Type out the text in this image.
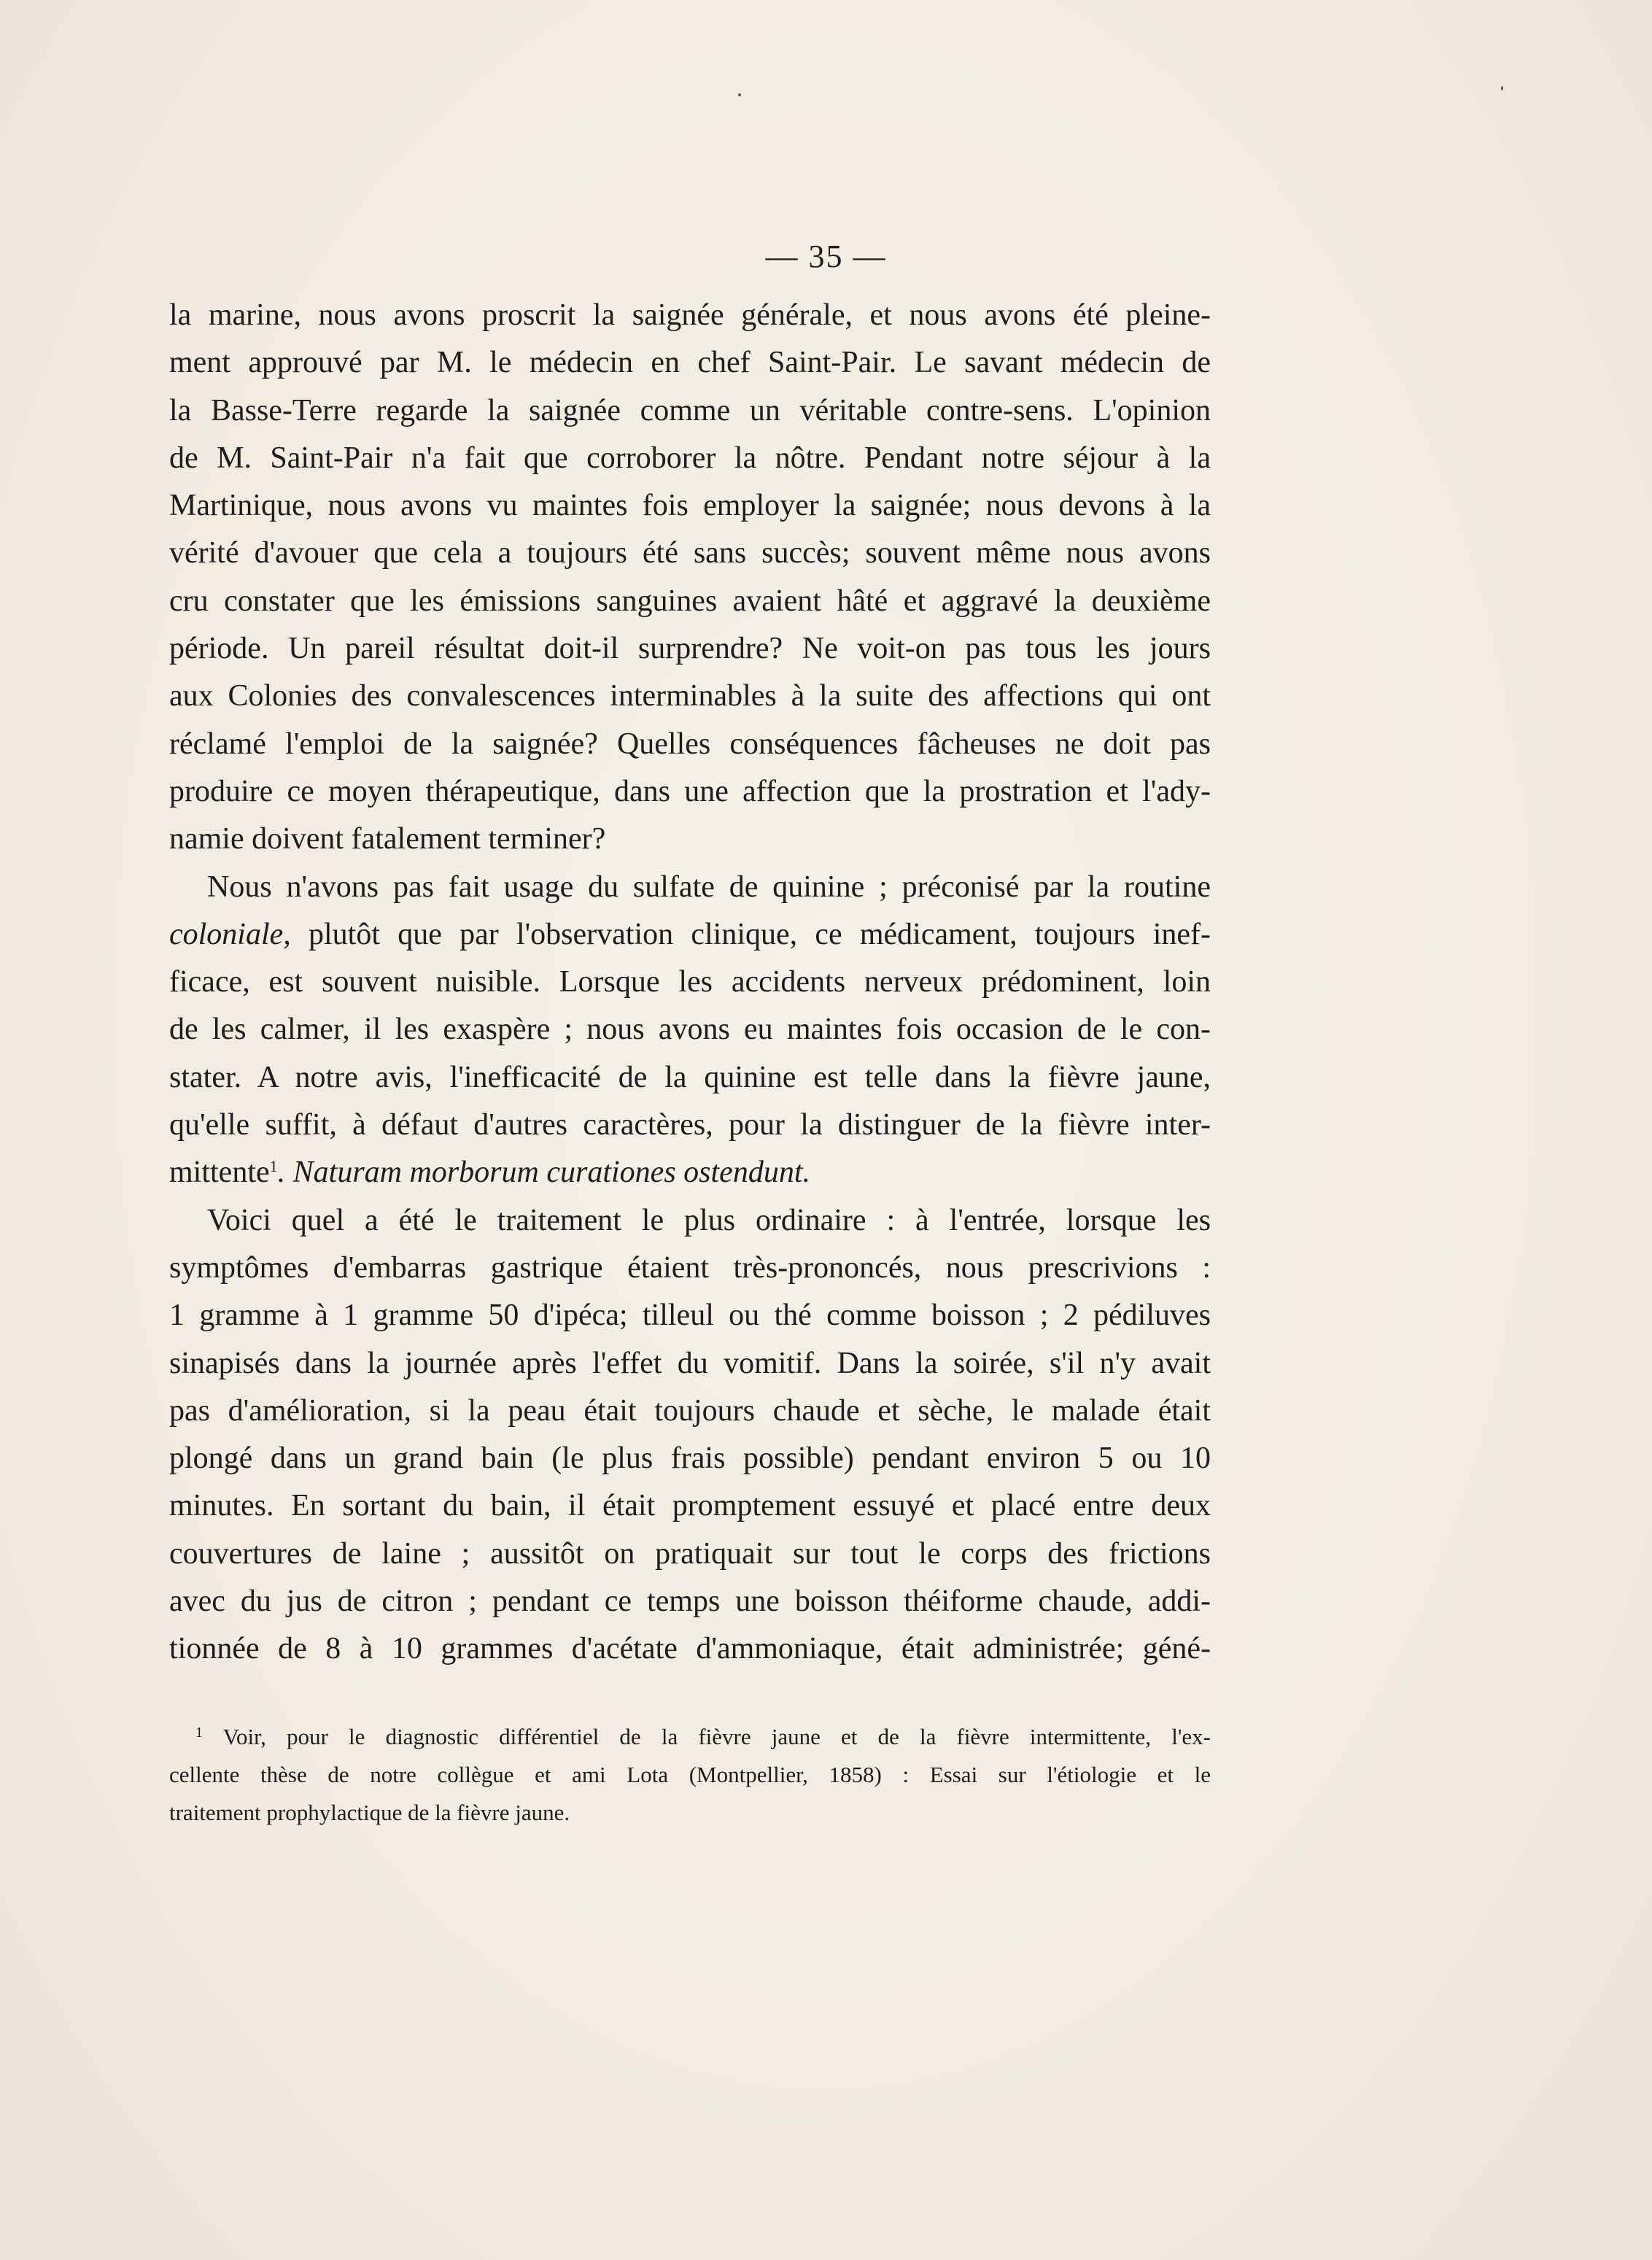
— 35 —
la marine, nous avons proscrit la saignée générale, et nous avons été pleine-
ment approuvé par M. le médecin en chef Saint-Pair. Le savant médecin de
la Basse-Terre regarde la saignée comme un véritable contre-sens. L'opinion
de M. Saint-Pair n'a fait que corroborer la nôtre. Pendant notre séjour à la
Martinique, nous avons vu maintes fois employer la saignée; nous devons à la
vérité d'avouer que cela a toujours été sans succès; souvent même nous avons
cru constater que les émissions sanguines avaient hâté et aggravé la deuxième
période. Un pareil résultat doit-il surprendre? Ne voit-on pas tous les jours
aux Colonies des convalescences interminables à la suite des affections qui ont
réclamé l'emploi de la saignée? Quelles conséquences fâcheuses ne doit pas
produire ce moyen thérapeutique, dans une affection que la prostration et l'ady-
namie doivent fatalement terminer?
Nous n'avons pas fait usage du sulfate de quinine ; préconisé par la routine
coloniale, plutôt que par l'observation clinique, ce médicament, toujours inef-
ficace, est souvent nuisible. Lorsque les accidents nerveux prédominent, loin
de les calmer, il les exaspère ; nous avons eu maintes fois occasion de le con-
stater. A notre avis, l'inefficacité de la quinine est telle dans la fièvre jaune,
qu'elle suffit, à défaut d'autres caractères, pour la distinguer de la fièvre inter-
mittente$^1$. Naturam morborum curationes ostendunt.
Voici quel a été le traitement le plus ordinaire : à l'entrée, lorsque les
symptômes d'embarras gastrique étaient très-prononcés, nous prescrivions :
1 gramme à 1 gramme 50 d'ipéca; tilleul ou thé comme boisson ; 2 pédiluves
sinapisés dans la journée après l'effet du vomitif. Dans la soirée, s'il n'y avait
pas d'amélioration, si la peau était toujours chaude et sèche, le malade était
plongé dans un grand bain (le plus frais possible) pendant environ 5 ou 10
minutes. En sortant du bain, il était promptement essuyé et placé entre deux
couvertures de laine ; aussitôt on pratiquait sur tout le corps des frictions
avec du jus de citron ; pendant ce temps une boisson théiforme chaude, addi-
tionnée de 8 à 10 grammes d'acétate d'ammoniaque, était administrée; géné-
$^1$ Voir, pour le diagnostic différentiel de la fièvre jaune et de la fièvre intermittente, l'ex-
cellente thèse de notre collègue et ami Lota (Montpellier, 1858) : Essai sur l'étiologie et le
traitement prophylactique de la fièvre jaune.
